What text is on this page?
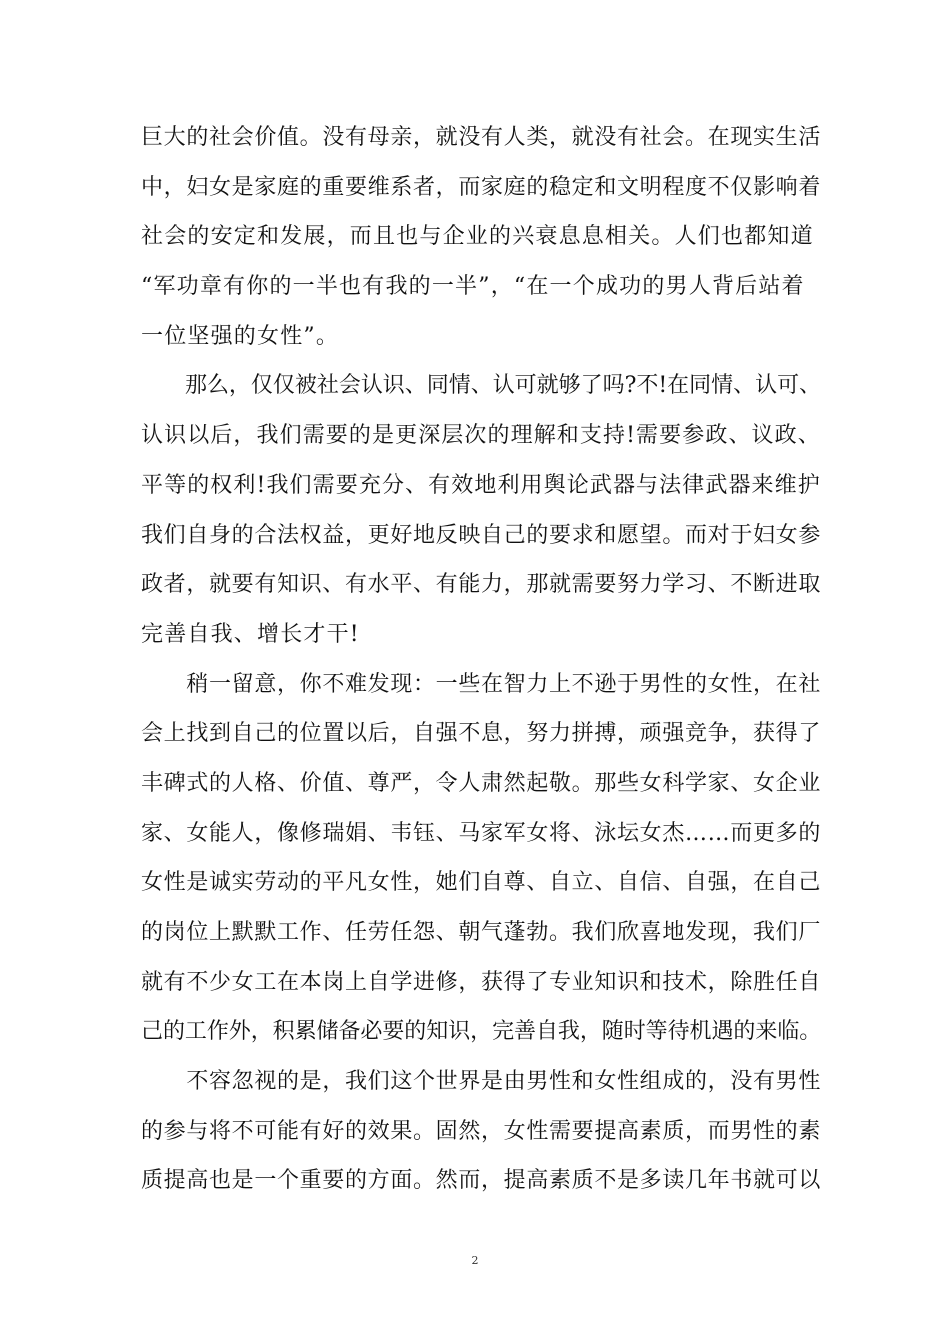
巨大的社会价值。没有母亲，就没有人类，就没有社会。在现实生活
中，妇女是家庭的重要维系者，而家庭的稳定和文明程度不仅影响着
社会的安定和发展，而且也与企业的兴衰息息相关。人们也都知道
“军功章有你的一半也有我的一半”，“在一个成功的男人背后站着
一位坚强的女性”。
　　那么，仅仅被社会认识、同情、认可就够了吗?不!在同情、认可、
认识以后，我们需要的是更深层次的理解和支持!需要参政、议政、
平等的权利!我们需要充分、有效地利用舆论武器与法律武器来维护
我们自身的合法权益，更好地反映自己的要求和愿望。而对于妇女参
政者，就要有知识、有水平、有能力，那就需要努力学习、不断进取
完善自我、增长才干!
　　稍一留意，你不难发现：一些在智力上不逊于男性的女性，在社
会上找到自己的位置以后，自强不息，努力拼搏，顽强竞争，获得了
丰碑式的人格、价值、尊严，令人肃然起敬。那些女科学家、女企业
家、女能人，像修瑞娟、韦钰、马家军女将、泳坛女杰……而更多的
女性是诚实劳动的平凡女性，她们自尊、自立、自信、自强，在自己
的岗位上默默工作、任劳任怨、朝气蓬勃。我们欣喜地发现，我们厂
就有不少女工在本岗上自学进修，获得了专业知识和技术，除胜任自
己的工作外，积累储备必要的知识，完善自我，随时等待机遇的来临。
　　不容忽视的是，我们这个世界是由男性和女性组成的，没有男性
的参与将不可能有好的效果。固然，女性需要提高素质，而男性的素
质提高也是一个重要的方面。然而，提高素质不是多读几年书就可以
2
